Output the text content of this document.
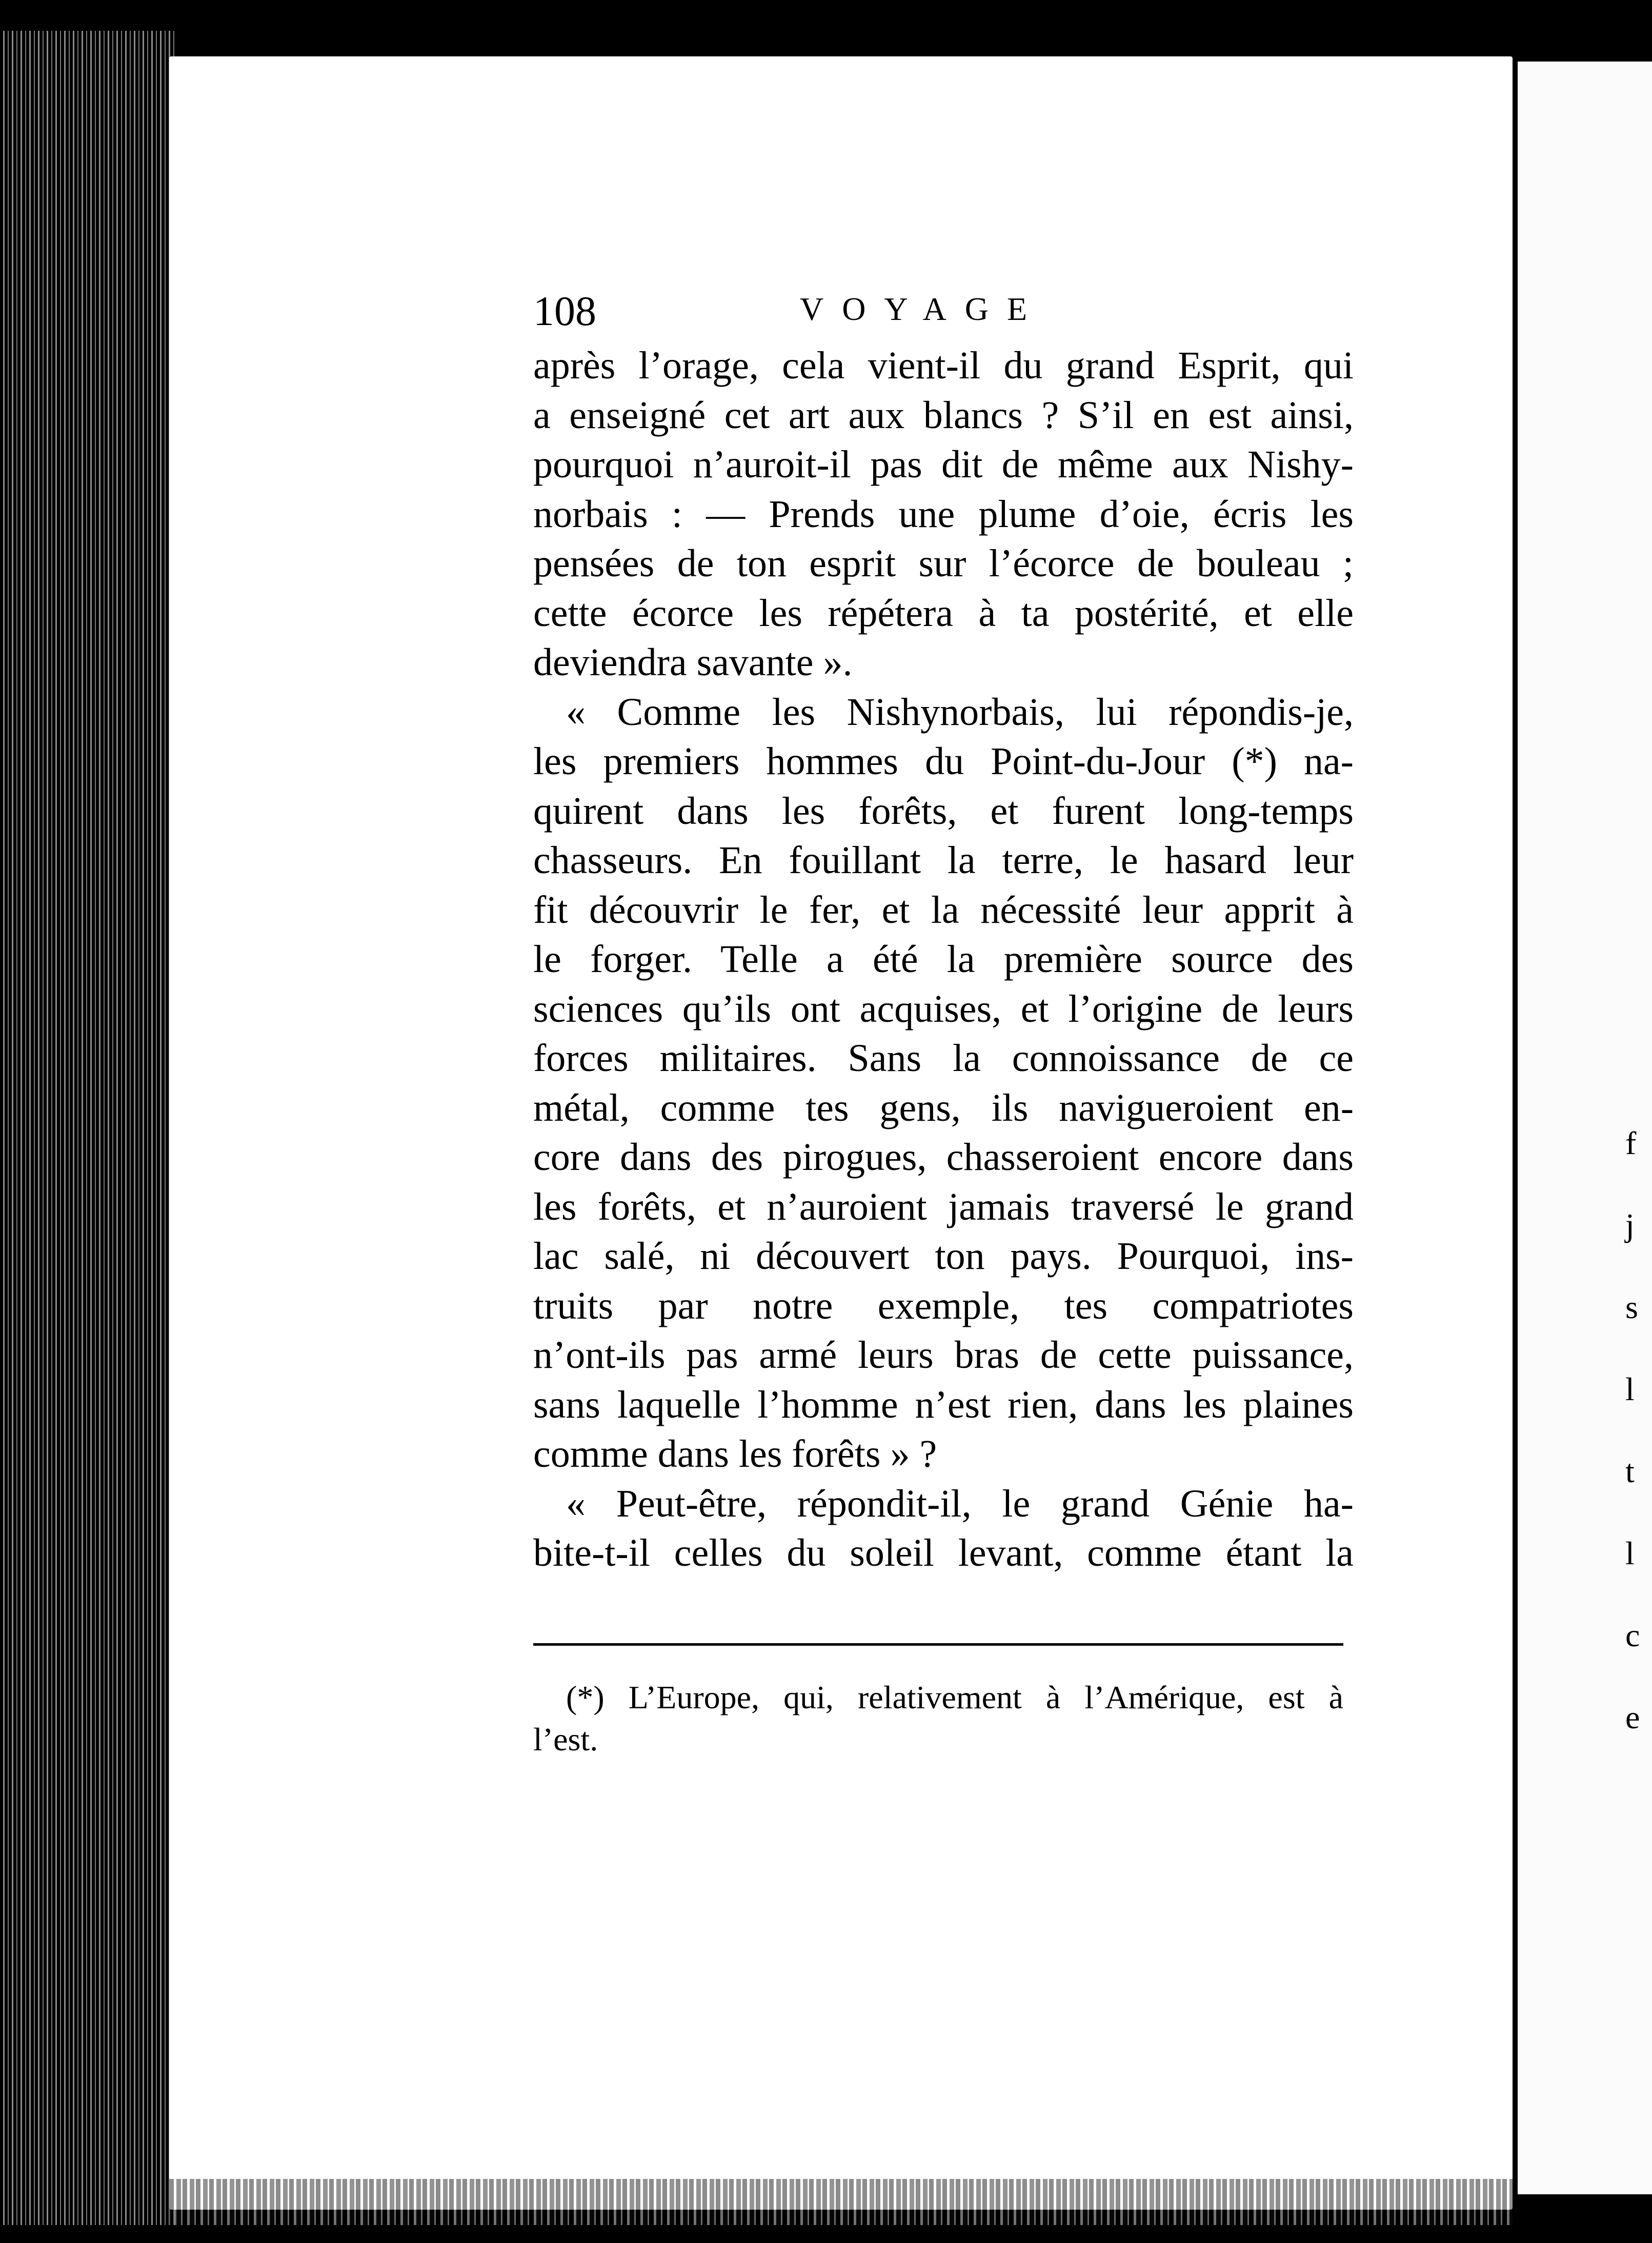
108	VOYAGE
après l’orage, cela vient-il du grand Esprit, qui
a enseigné cet art aux blancs ? S’il en est ainsi,
pourquoi n’auroit-il pas dit de même aux Nishy-
norbais : — Prends une plume d’oie, écris les
pensées de ton esprit sur l’écorce de bouleau ;
cette écorce les répétera à ta postérité, et elle
deviendra savante ».
« Comme les Nishynorbais, lui répondis-je,
les premiers hommes du Point-du-Jour (*) na-
quirent dans les forêts, et furent long-temps
chasseurs. En fouillant la terre, le hasard leur
fit découvrir le fer, et la nécessité leur apprit à
le forger. Telle a été la première source des
sciences qu’ils ont acquises, et l’origine de leurs
forces militaires. Sans la connoissance de ce
métal, comme tes gens, ils navigueroient en-
core dans des pirogues, chasseroient encore dans
les forêts, et n’auroient jamais traversé le grand
lac salé, ni découvert ton pays. Pourquoi, ins-
truits par notre exemple, tes compatriotes
n’ont-ils pas armé leurs bras de cette puissance,
sans laquelle l’homme n’est rien, dans les plaines
comme dans les forêts » ?
« Peut-être, répondit-il, le grand Génie ha-
bite-t-il celles du soleil levant, comme étant la
(*) L’Europe, qui, relativement à l’Amérique, est à
l’est.
f
j
s
l
t
l
c
e
